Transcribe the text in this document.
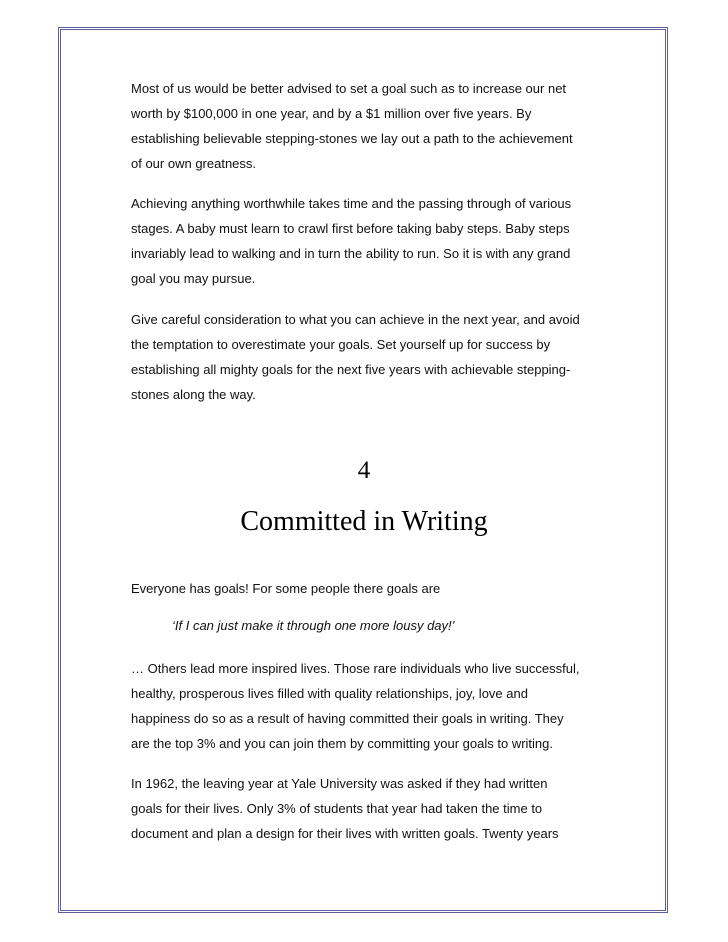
Most of us would be better advised to set a goal such as to increase our net
worth by $100,000 in one year, and by a $1 million over five years. By
establishing believable stepping-stones we lay out a path to the achievement
of our own greatness.
Achieving anything worthwhile takes time and the passing through of various
stages. A baby must learn to crawl first before taking baby steps. Baby steps
invariably lead to walking and in turn the ability to run. So it is with any grand
goal you may pursue.
Give careful consideration to what you can achieve in the next year, and avoid
the temptation to overestimate your goals. Set yourself up for success by
establishing all mighty goals for the next five years with achievable stepping-
stones along the way.
4
Committed in Writing
Everyone has goals! For some people there goals are
‘If I can just make it through one more lousy day!’
… Others lead more inspired lives. Those rare individuals who live successful,
healthy, prosperous lives filled with quality relationships, joy, love and
happiness do so as a result of having committed their goals in writing. They
are the top 3% and you can join them by committing your goals to writing.
In 1962, the leaving year at Yale University was asked if they had written
goals for their lives. Only 3% of students that year had taken the time to
document and plan a design for their lives with written goals. Twenty years
